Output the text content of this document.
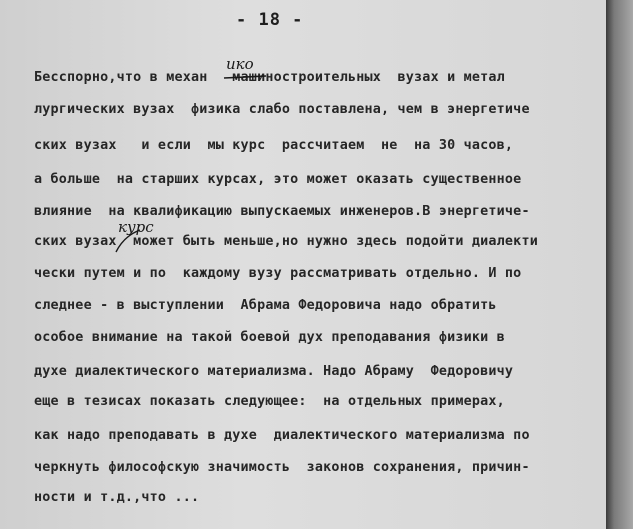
- 18 -
Бесспорно,что в механ   машиностроительных  вузах и метал
ико
лургических вузах  физика слабо поставлена, чем в энергетиче
ских вузах   и если  мы курс  рассчитаем  не  на 30 часов,
а больше  на старших курсах, это может оказать существенное
влияние  на квалификацию выпускаемых инженеров.В энергетиче-
ских вузах  может быть меньше,но нужно здесь подойти диалекти
курс
чески путем и по  каждому вузу рассматривать отдельно. И по
следнее - в выступлении  Абрама Федоровича надо обратить
особое внимание на такой боевой дух преподавания физики в
духе диалектического материализма. Надо Абраму  Федоровичу
еще в тезисах показать следующее:  на отдельных примерах,
как надо преподавать в духе  диалектического материализма по
черкнуть философскую значимость  законов сохранения, причин-
ности и т.д.,что ...
